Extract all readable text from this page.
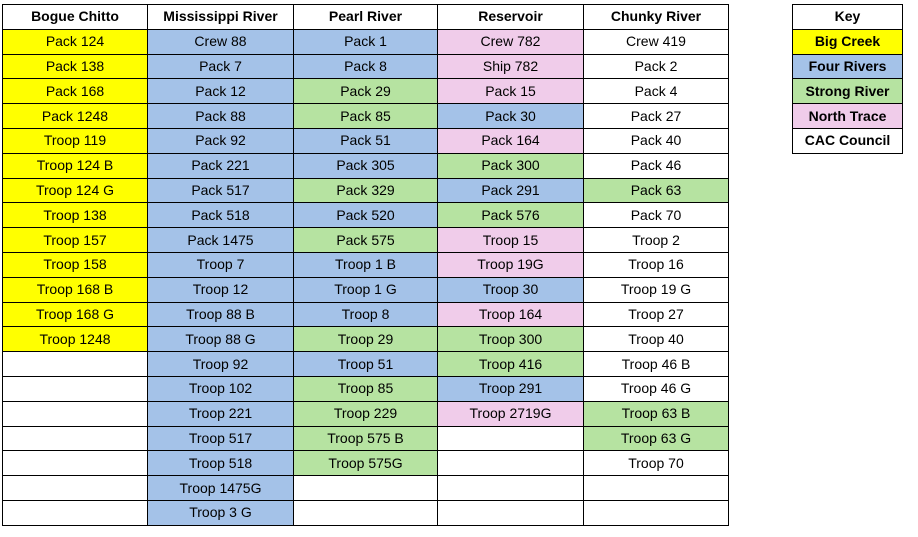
Bogue Chitto	Mississippi River	Pearl River	Reservoir	Chunky River
Pack 124	Crew 88	Pack 1	Crew 782	Crew 419
Pack 138	Pack 7	Pack 8	Ship 782	Pack 2
Pack 168	Pack 12	Pack 29	Pack 15	Pack 4
Pack 1248	Pack 88	Pack 85	Pack 30	Pack 27
Troop 119	Pack 92	Pack 51	Pack 164	Pack 40
Troop 124 B	Pack 221	Pack 305	Pack 300	Pack 46
Troop 124 G	Pack 517	Pack 329	Pack 291	Pack 63
Troop 138	Pack 518	Pack 520	Pack 576	Pack 70
Troop 157	Pack 1475	Pack 575	Troop 15	Troop 2
Troop 158	Troop 7	Troop 1 B	Troop 19G	Troop 16
Troop 168 B	Troop 12	Troop 1 G	Troop 30	Troop 19 G
Troop 168 G	Troop 88 B	Troop 8	Troop 164	Troop 27
Troop 1248	Troop 88 G	Troop 29	Troop 300	Troop 40
	Troop 92	Troop 51	Troop 416	Troop 46 B
	Troop 102	Troop 85	Troop 291	Troop 46 G
	Troop 221	Troop 229	Troop 2719G	Troop 63 B
	Troop 517	Troop 575 B		Troop 63 G
	Troop 518	Troop 575G		Troop 70
	Troop 1475G			
	Troop 3 G			
Key
Big Creek
Four Rivers
Strong River
North Trace
CAC Council
